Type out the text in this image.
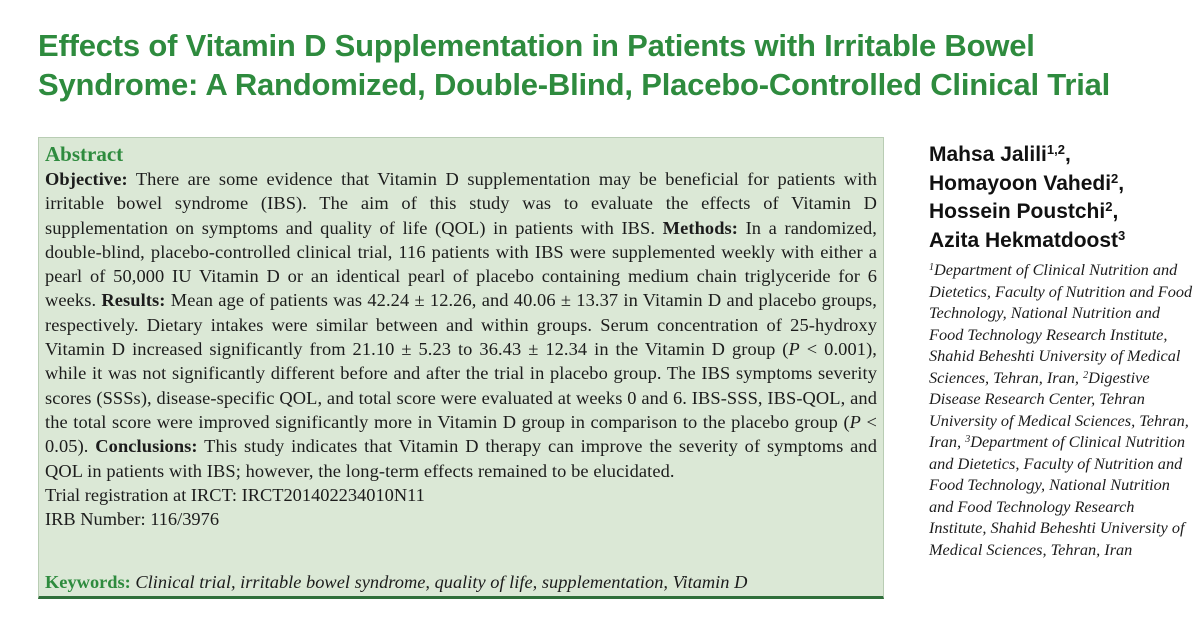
Effects of Vitamin D Supplementation in Patients with Irritable Bowel Syndrome: A Randomized, Double-Blind, Placebo-Controlled Clinical Trial
Abstract

Objective: There are some evidence that Vitamin D supplementation may be beneficial for patients with irritable bowel syndrome (IBS). The aim of this study was to evaluate the effects of Vitamin D supplementation on symptoms and quality of life (QOL) in patients with IBS. Methods: In a randomized, double-blind, placebo-controlled clinical trial, 116 patients with IBS were supplemented weekly with either a pearl of 50,000 IU Vitamin D or an identical pearl of placebo containing medium chain triglyceride for 6 weeks. Results: Mean age of patients was 42.24 ± 12.26, and 40.06 ± 13.37 in Vitamin D and placebo groups, respectively. Dietary intakes were similar between and within groups. Serum concentration of 25-hydroxy Vitamin D increased significantly from 21.10 ± 5.23 to 36.43 ± 12.34 in the Vitamin D group (P < 0.001), while it was not significantly different before and after the trial in placebo group. The IBS symptoms severity scores (SSSs), disease-specific QOL, and total score were evaluated at weeks 0 and 6. IBS-SSS, IBS-QOL, and the total score were improved significantly more in Vitamin D group in comparison to the placebo group (P < 0.05). Conclusions: This study indicates that Vitamin D therapy can improve the severity of symptoms and QOL in patients with IBS; however, the long-term effects remained to be elucidated.

Trial registration at IRCT: IRCT201402234010N11

IRB Number: 116/3976

Keywords: Clinical trial, irritable bowel syndrome, quality of life, supplementation, Vitamin D

Mahsa Jalili$^{1,2}$,
Homayoon Vahedi$^2$,
Hossein Poustchi$^2$,
Azita Hekmatdoost$^3$

$^1$Department of Clinical Nutrition and Dietetics, Faculty of Nutrition and Food Technology, National Nutrition and Food Technology Research Institute, Shahid Beheshti University of Medical Sciences, Tehran, Iran, $^2$Digestive Disease Research Center, Tehran University of Medical Sciences, Tehran, Iran, $^3$Department of Clinical Nutrition and Dietetics, Faculty of Nutrition and Food Technology, National Nutrition and Food Technology Research Institute, Shahid Beheshti University of Medical Sciences, Tehran, Iran
